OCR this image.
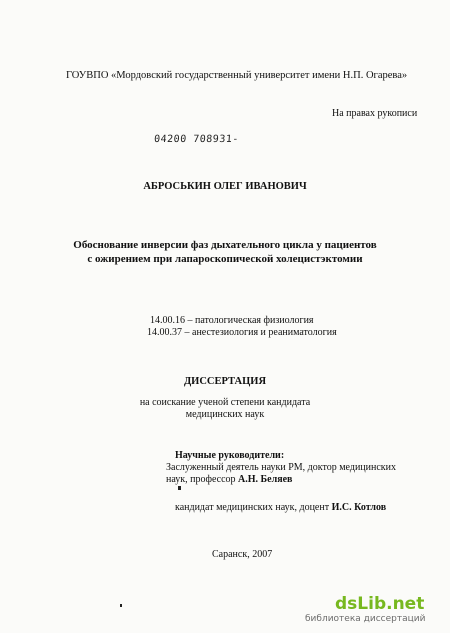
ГОУВПО «Мордовский государственный университет имени Н.П. Огарева»
На правах рукописи
04200 708931-
АБРОСЬКИН ОЛЕГ ИВАНОВИЧ
Обоснование инверсии фаз дыхательного цикла у пациентов
с ожирением при лапароскопической холецистэктомии
14.00.16 – патологическая физиология
14.00.37 – анестезиология и реаниматология
ДИССЕРТАЦИЯ
на соискание ученой степени кандидата
медицинских наук
Научные руководители:
Заслуженный деятель науки РМ, доктор медицинских
наук, профессор А.Н. Беляев
кандидат медицинских наук, доцент И.С. Котлов
Саранск, 2007
dsLib.net
библиотека диссертаций
